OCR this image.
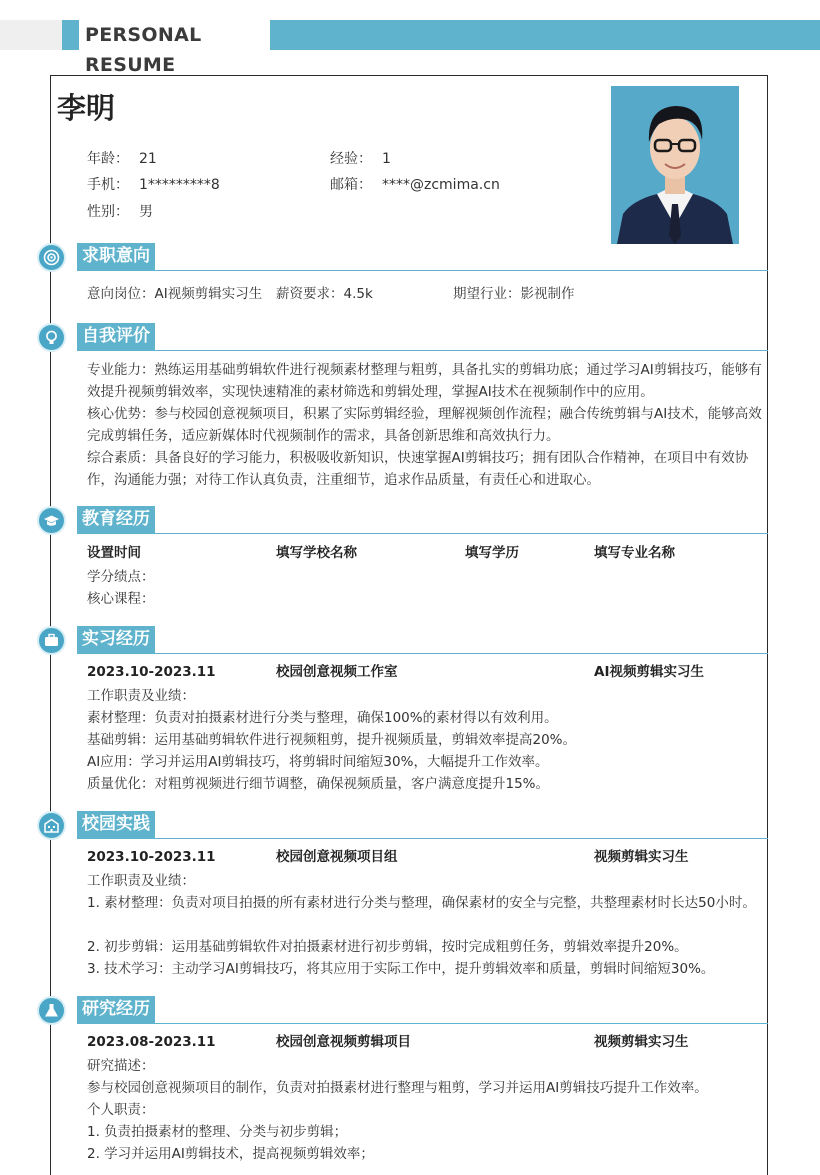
PERSONAL RESUME
李明
年龄： 21	经验： 1
手机： 1*********8	邮箱： ****@zcmima.cn
性别： 男
求职意向
意向岗位：AI视频剪辑实习生 薪资要求：4.5k	期望行业：影视制作
自我评价
专业能力：熟练运用基础剪辑软件进行视频素材整理与粗剪，具备扎实的剪辑功底；通过学习AI剪辑技巧，能够有效提升视频剪辑效率，实现快速精准的素材筛选和剪辑处理，掌握AI技术在视频制作中的应用。
核心优势：参与校园创意视频项目，积累了实际剪辑经验，理解视频创作流程；融合传统剪辑与AI技术，能够高效完成剪辑任务，适应新媒体时代视频制作的需求，具备创新思维和高效执行力。
综合素质：具备良好的学习能力，积极吸收新知识，快速掌握AI剪辑技巧；拥有团队合作精神，在项目中有效协作，沟通能力强；对待工作认真负责，注重细节，追求作品质量，有责任心和进取心。
教育经历
设置时间	填写学校名称	填写学历	填写专业名称
学分绩点：
核心课程：
实习经历
2023.10-2023.11	校园创意视频工作室	AI视频剪辑实习生
工作职责及业绩：
素材整理：负责对拍摄素材进行分类与整理，确保100%的素材得以有效利用。
基础剪辑：运用基础剪辑软件进行视频粗剪，提升视频质量，剪辑效率提高20%。
AI应用：学习并运用AI剪辑技巧，将剪辑时间缩短30%，大幅提升工作效率。
质量优化：对粗剪视频进行细节调整，确保视频质量，客户满意度提升15%。
校园实践
2023.10-2023.11	校园创意视频项目组	视频剪辑实习生
工作职责及业绩：
1. 素材整理：负责对项目拍摄的所有素材进行分类与整理，确保素材的安全与完整，共整理素材时长达50小时。
2. 初步剪辑：运用基础剪辑软件对拍摄素材进行初步剪辑，按时完成粗剪任务，剪辑效率提升20%。
3. 技术学习：主动学习AI剪辑技巧，将其应用于实际工作中，提升剪辑效率和质量，剪辑时间缩短30%。
研究经历
2023.08-2023.11	校园创意视频剪辑项目	视频剪辑实习生
研究描述：
参与校园创意视频项目的制作，负责对拍摄素材进行整理与粗剪，学习并运用AI剪辑技巧提升工作效率。
个人职责：
1. 负责拍摄素材的整理、分类与初步剪辑；
2. 学习并运用AI剪辑技术，提高视频剪辑效率；
